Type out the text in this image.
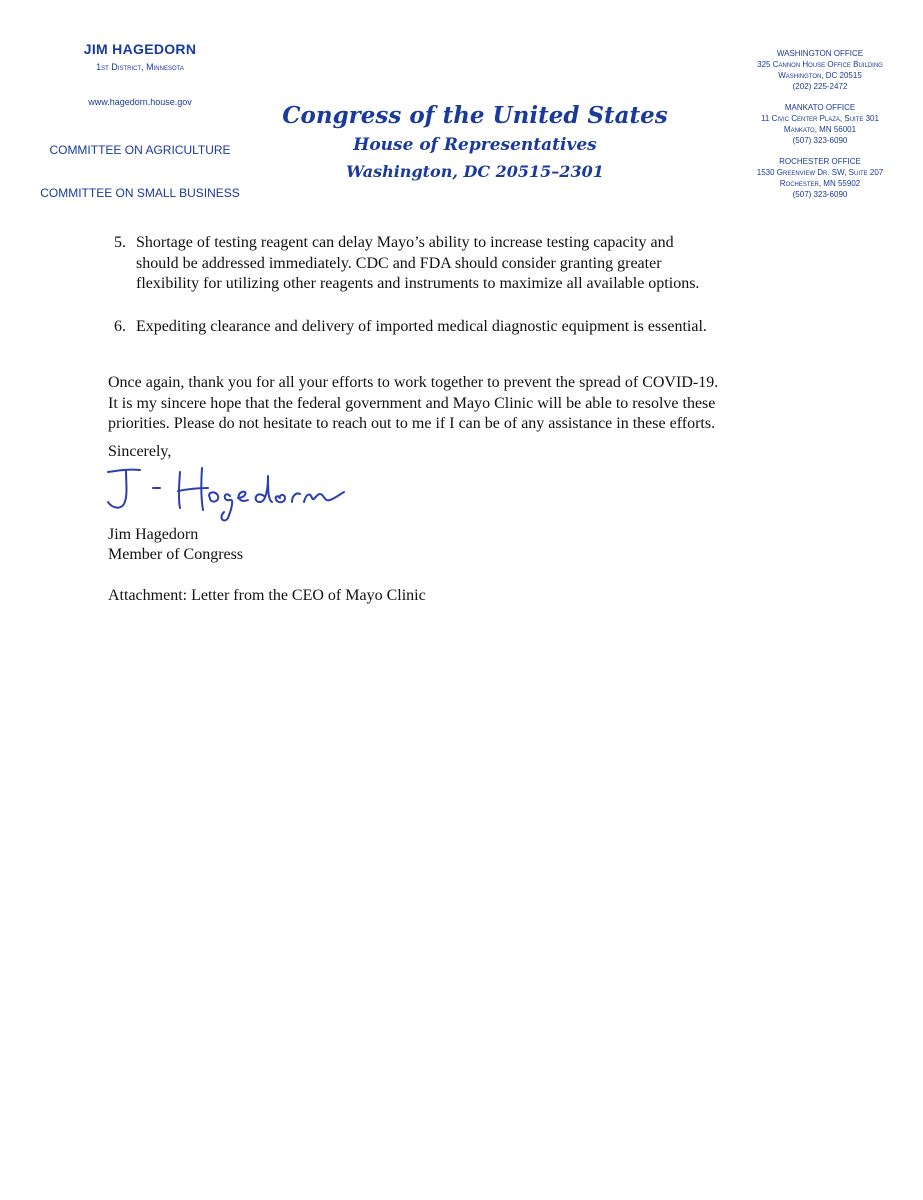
JIM HAGEDORN
1st District, Minnesota
www.hagedorn.house.gov
COMMITTEE ON AGRICULTURE
COMMITTEE ON SMALL BUSINESS
Congress of the United States
House of Representatives
Washington, DC 20515–2301
WASHINGTON OFFICE
325 Cannon House Office Building
Washington, DC 20515
(202) 225-2472
MANKATO OFFICE
11 Civic Center Plaza, Suite 301
Mankato, MN 56001
(507) 323-6090
ROCHESTER OFFICE
1530 Greenview Dr. SW, Suite 207
Rochester, MN 55902
(507) 323-6090
5. Shortage of testing reagent can delay Mayo’s ability to increase testing capacity and
should be addressed immediately. CDC and FDA should consider granting greater
flexibility for utilizing other reagents and instruments to maximize all available options.
6. Expediting clearance and delivery of imported medical diagnostic equipment is essential.
Once again, thank you for all your efforts to work together to prevent the spread of COVID-19.
It is my sincere hope that the federal government and Mayo Clinic will be able to resolve these
priorities. Please do not hesitate to reach out to me if I can be of any assistance in these efforts.
Sincerely,
Jim Hagedorn
Member of Congress
Attachment: Letter from the CEO of Mayo Clinic
